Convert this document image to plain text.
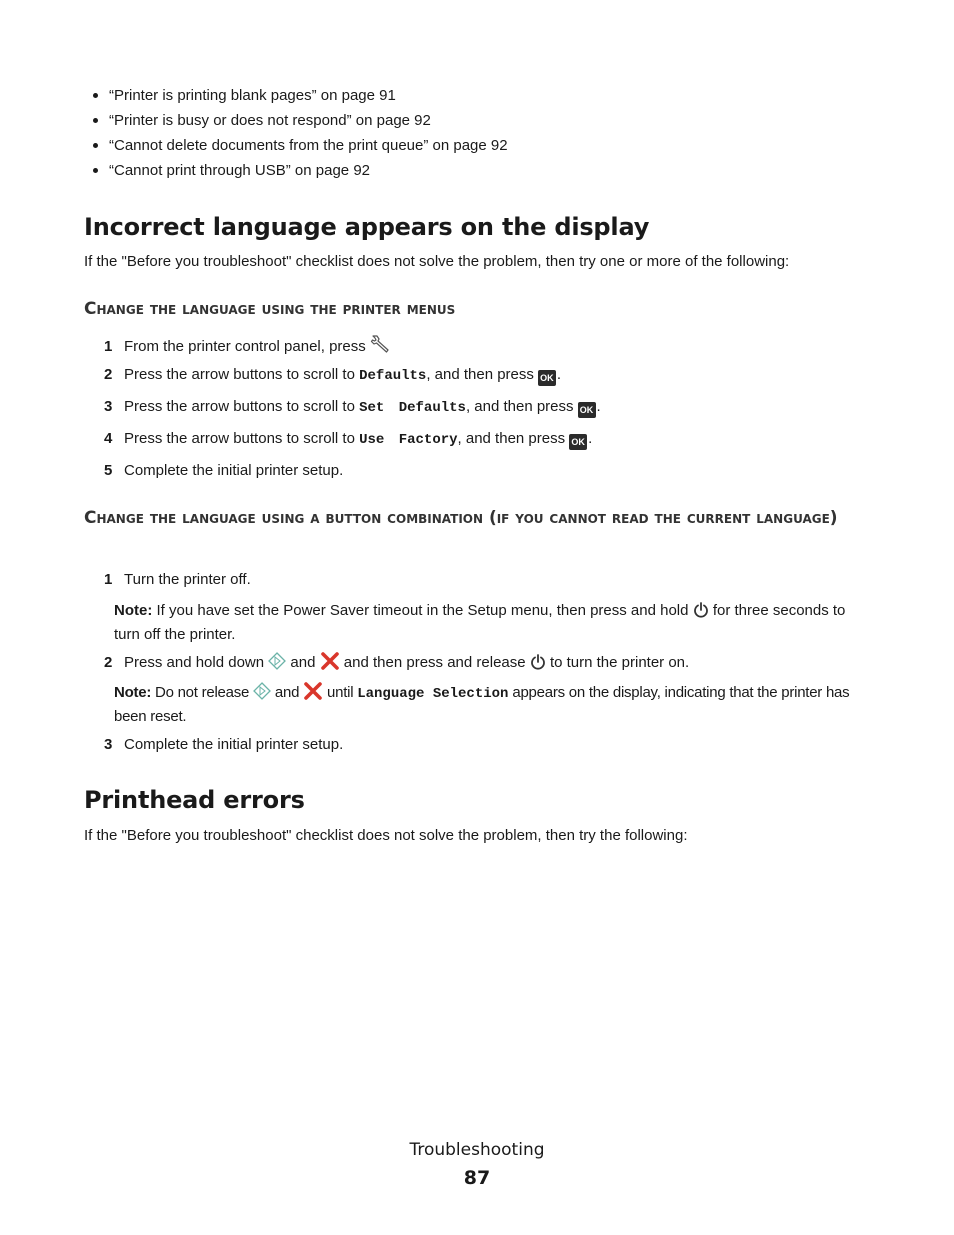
“Printer is printing blank pages” on page 91
“Printer is busy or does not respond” on page 92
“Cannot delete documents from the print queue” on page 92
“Cannot print through USB” on page 92
Incorrect language appears on the display
If the "Before you troubleshoot" checklist does not solve the problem, then try one or more of the following:
Change the language using the printer menus
1 From the printer control panel, press
2 Press the arrow buttons to scroll to Defaults, and then press OK .
3 Press the arrow buttons to scroll to Set Defaults, and then press OK .
4 Press the arrow buttons to scroll to Use Factory, and then press OK .
5 Complete the initial printer setup.
Change the language using a button combination (if you cannot read the current language)
1 Turn the printer off.
Note: If you have set the Power Saver timeout in the Setup menu, then press and hold  for three seconds to turn off the printer.
2 Press and hold down  and  and then press and release  to turn the printer on.
Note: Do not release  and  until Language Selection appears on the display, indicating that the printer has been reset.
3 Complete the initial printer setup.
Printhead errors
If the "Before you troubleshoot" checklist does not solve the problem, then try the following:
Troubleshooting
87
